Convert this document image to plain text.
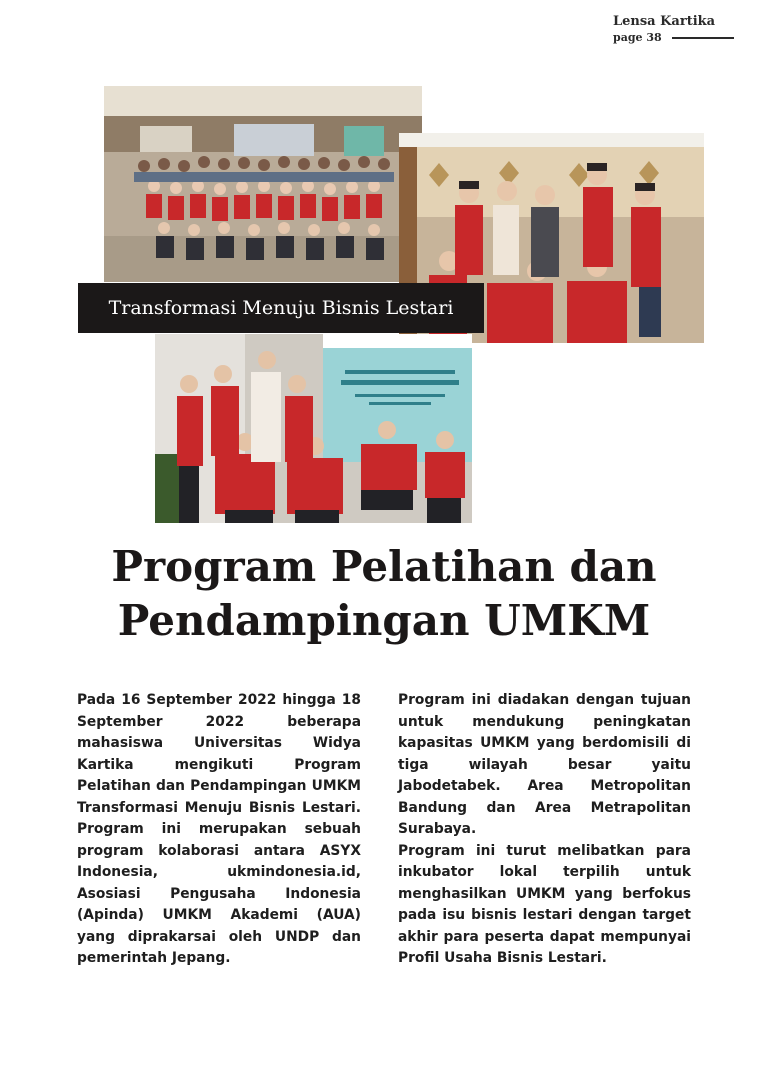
Lensa Kartika
page 38
Transformasi Menuju Bisnis Lestari
Program Pelatihan dan
Pendampingan UMKM

Pada 16 September 2022 hingga 18 September 2022 beberapa mahasiswa Universitas Widya Kartika mengikuti Program Pelatihan dan Pendampingan UMKM Transformasi Menuju Bisnis Lestari. Program ini merupakan sebuah program kolaborasi antara ASYX Indonesia, ukmindonesia.id, Asosiasi Pengusaha Indonesia (Apinda) UMKM Akademi (AUA) yang diprakarsai oleh UNDP dan pemerintah Jepang.

Program ini diadakan dengan tujuan untuk mendukung peningkatan kapasitas UMKM yang berdomisili di tiga wilayah besar yaitu Jabodetabek. Area Metropolitan Bandung dan Area Metrapolitan Surabaya.

Program ini turut melibatkan para inkubator lokal terpilih untuk menghasilkan UMKM yang berfokus pada isu bisnis lestari dengan target akhir para peserta dapat mempunyai Profil Usaha Bisnis Lestari.
